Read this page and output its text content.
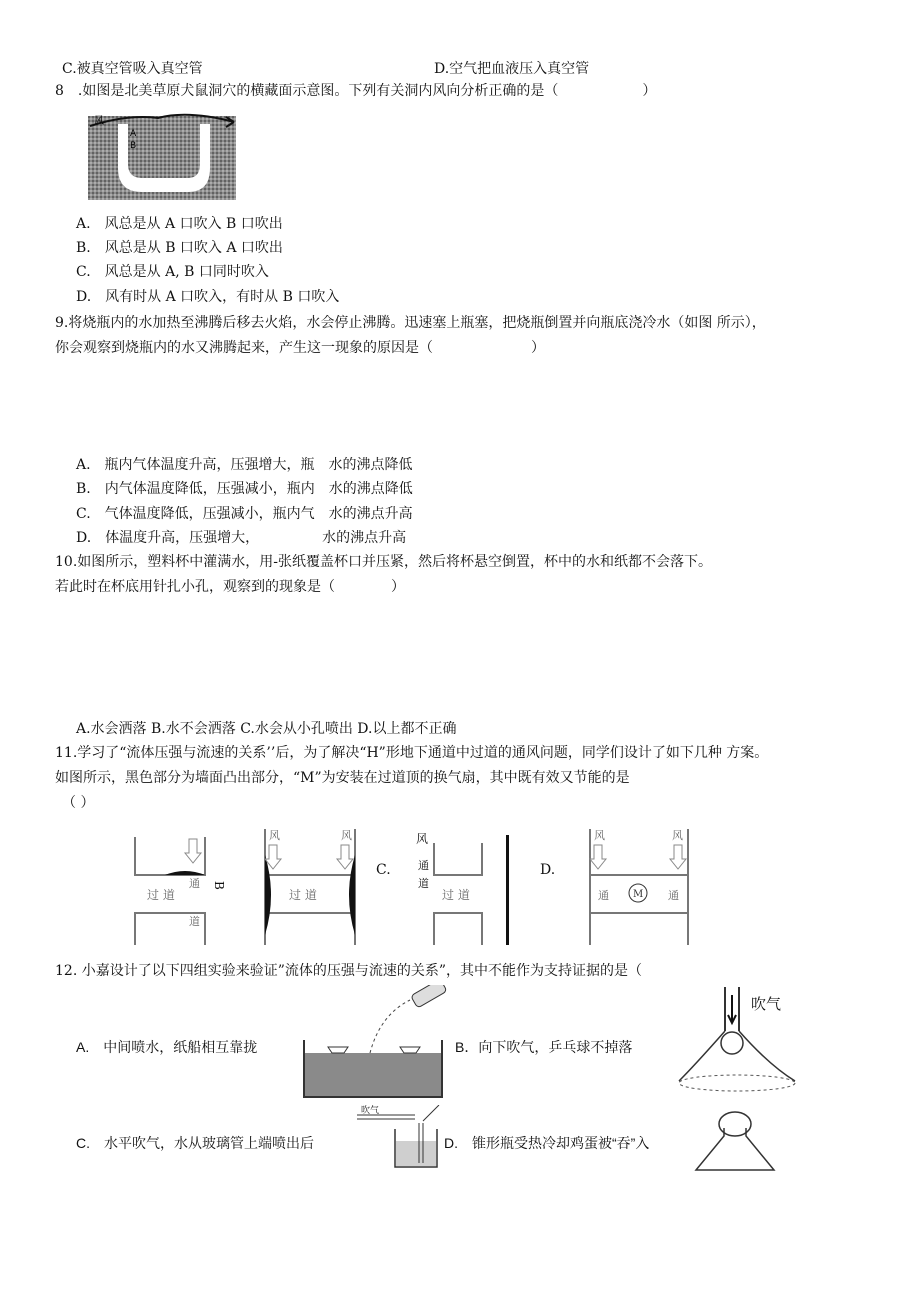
C.被真空管吸入真空管	D.空气把血液压入真空管
8　.如图是北美草原犬鼠洞穴的横藏面示意图。下列有关洞内风向分析正确的是（　　　　　　）
风
A
B
A.　风总是从 A 口吹入 B 口吹出
B.　风总是从 B 口吹入 A 口吹出
C.　风总是从 A, B 口同时吹入
D.　风有时从 A 口吹入，有时从 B 口吹入
9.将烧瓶内的水加热至沸腾后移去火焰，水会停止沸腾。迅速塞上瓶塞，把烧瓶倒置并向瓶底浇冷水（如图 所示），
你会观察到烧瓶内的水又沸腾起来，产生这一现象的原因是（　　　　　　　）
A.　瓶内气体温度升高，压强增大，瓶　水的沸点降低
B.　内气体温度降低，压强减小，瓶内　水的沸点降低
C.　气体温度降低，压强减小，瓶内气　水的沸点升高
D.　体温度升高，压强增大，　　　　　水的沸点升高
10.如图所示，塑料杯中灌满水，用-张纸覆盖杯口并压紧，然后将杯悬空倒置，杯中的水和纸都不会落下。
若此时在杯底用针扎小孔，观察到的现象是（　　　　）
A.水会洒落 B.水不会洒落 C.水会从小孔喷出 D.以上都不正确
11.学习了“流体压强与流速的关系’’后，为了解决“H”形地下通道中过道的通风问题，同学们设计了如下几种 方案。
如图所示，黑色部分为墙面凸出部分，“M”为安装在过道顶的换气扇，其中既有效又节能的是
（ ）
过 道
通
道
B
风	风
过 道
C.
风
通
道
过 道
D.
风	风
M
通	通
12. 小嘉设计了以下四组实验来验证”流体的压强与流速的关系”，其中不能作为支持证据的是（
A.　中间喷水，纸船相互靠拢	B．向下吹气，乒乓球不掉落
吹气
C.　水平吹气，水从玻璃管上端喷出后
吹气
D.　锥形瓶受热冷却鸡蛋被“吞”入
